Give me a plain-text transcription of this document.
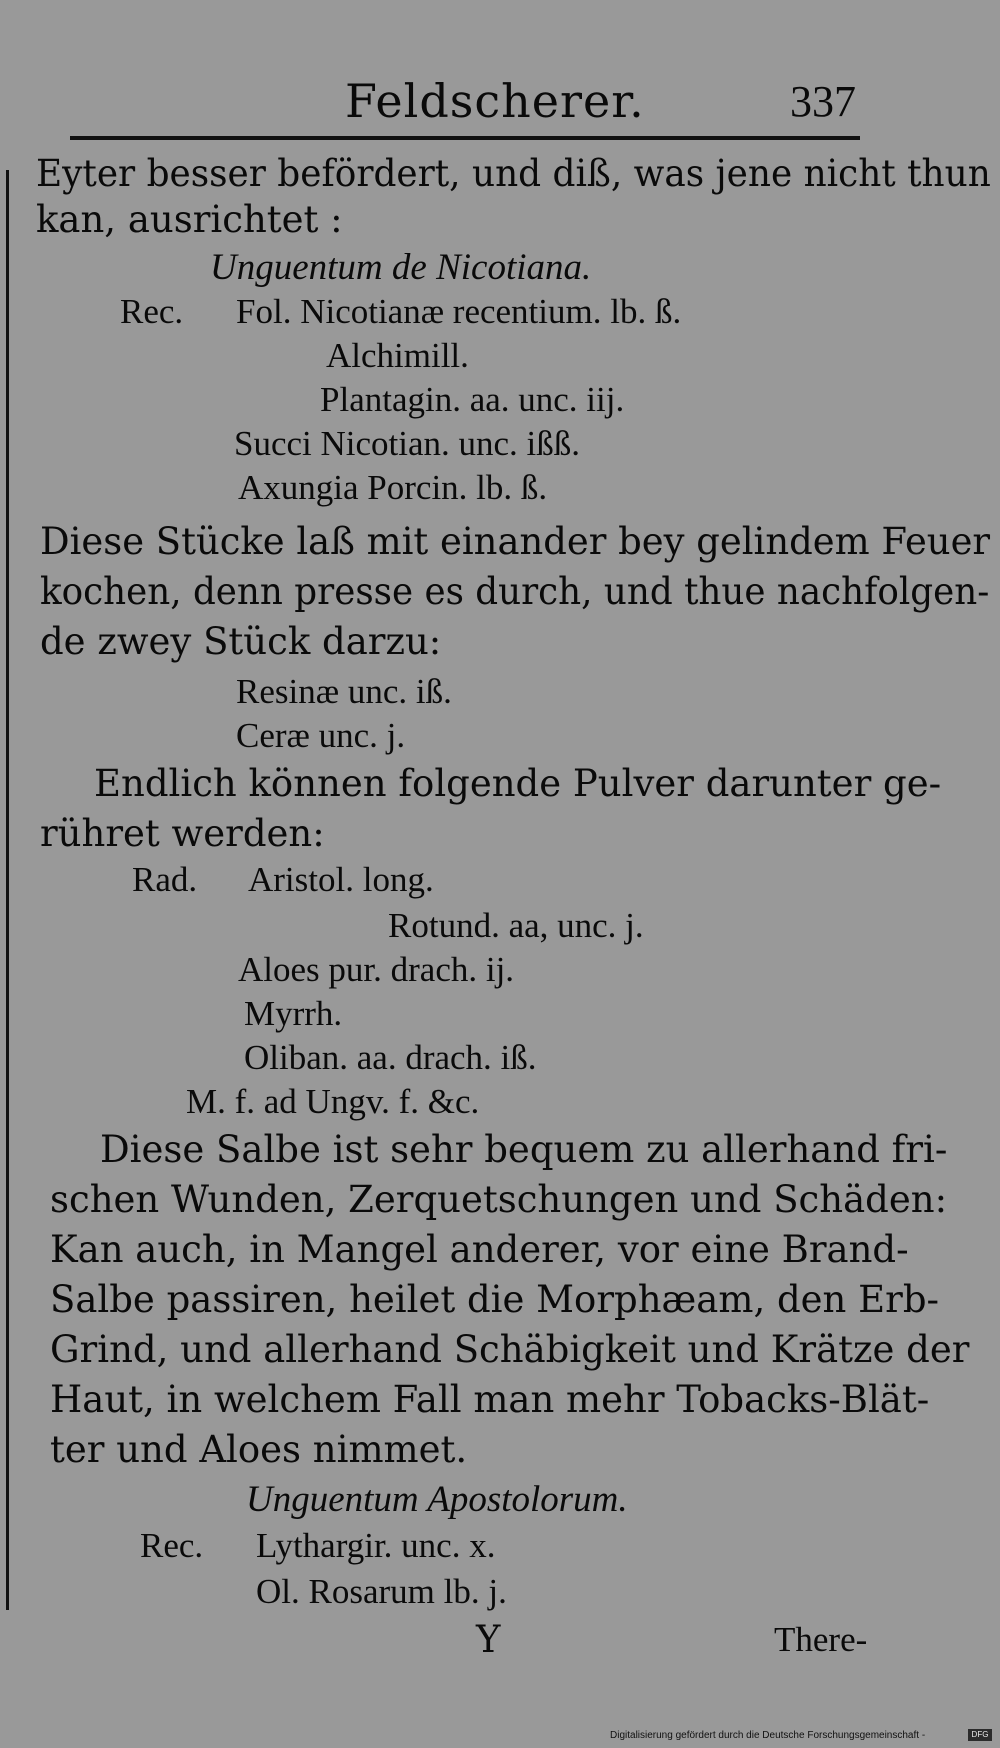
Feldscherer.	337
Eyter besser befördert, und diß, was jene nicht thun
kan, ausrichtet :
Unguentum de Nicotiana.
Rec. Fol. Nicotianæ recentium. lb. ß.
Alchimill.
Plantagin. aa. unc. iij.
Succi Nicotian. unc. ißß.
Axungia Porcin. lb. ß.
Diese Stücke laß mit einander bey gelindem Feuer
kochen, denn presse es durch, und thue nachfolgen-
de zwey Stück darzu:
Resinæ unc. iß.
Ceræ unc. j.
Endlich können folgende Pulver darunter ge-
rühret werden:
Rad. Aristol. long.
Rotund. aa, unc. j.
Aloes pur. drach. ij.
Myrrh.
Oliban. aa. drach. iß.
M. f. ad Ungv. f. &c.
Diese Salbe ist sehr bequem zu allerhand fri-
schen Wunden, Zerquetschungen und Schäden:
Kan auch, in Mangel anderer, vor eine Brand-
Salbe passiren, heilet die Morphæam, den Erb-
Grind, und allerhand Schäbigkeit und Krätze der
Haut, in welchem Fall man mehr Tobacks-Blät-
ter und Aloes nimmet.
Unguentum Apostolorum.
Rec. Lythargir. unc. x.
Ol. Rosarum lb. j.
Y	There-
Digitalisierung gefördert durch die Deutsche Forschungsgemeinschaft -	DFG
